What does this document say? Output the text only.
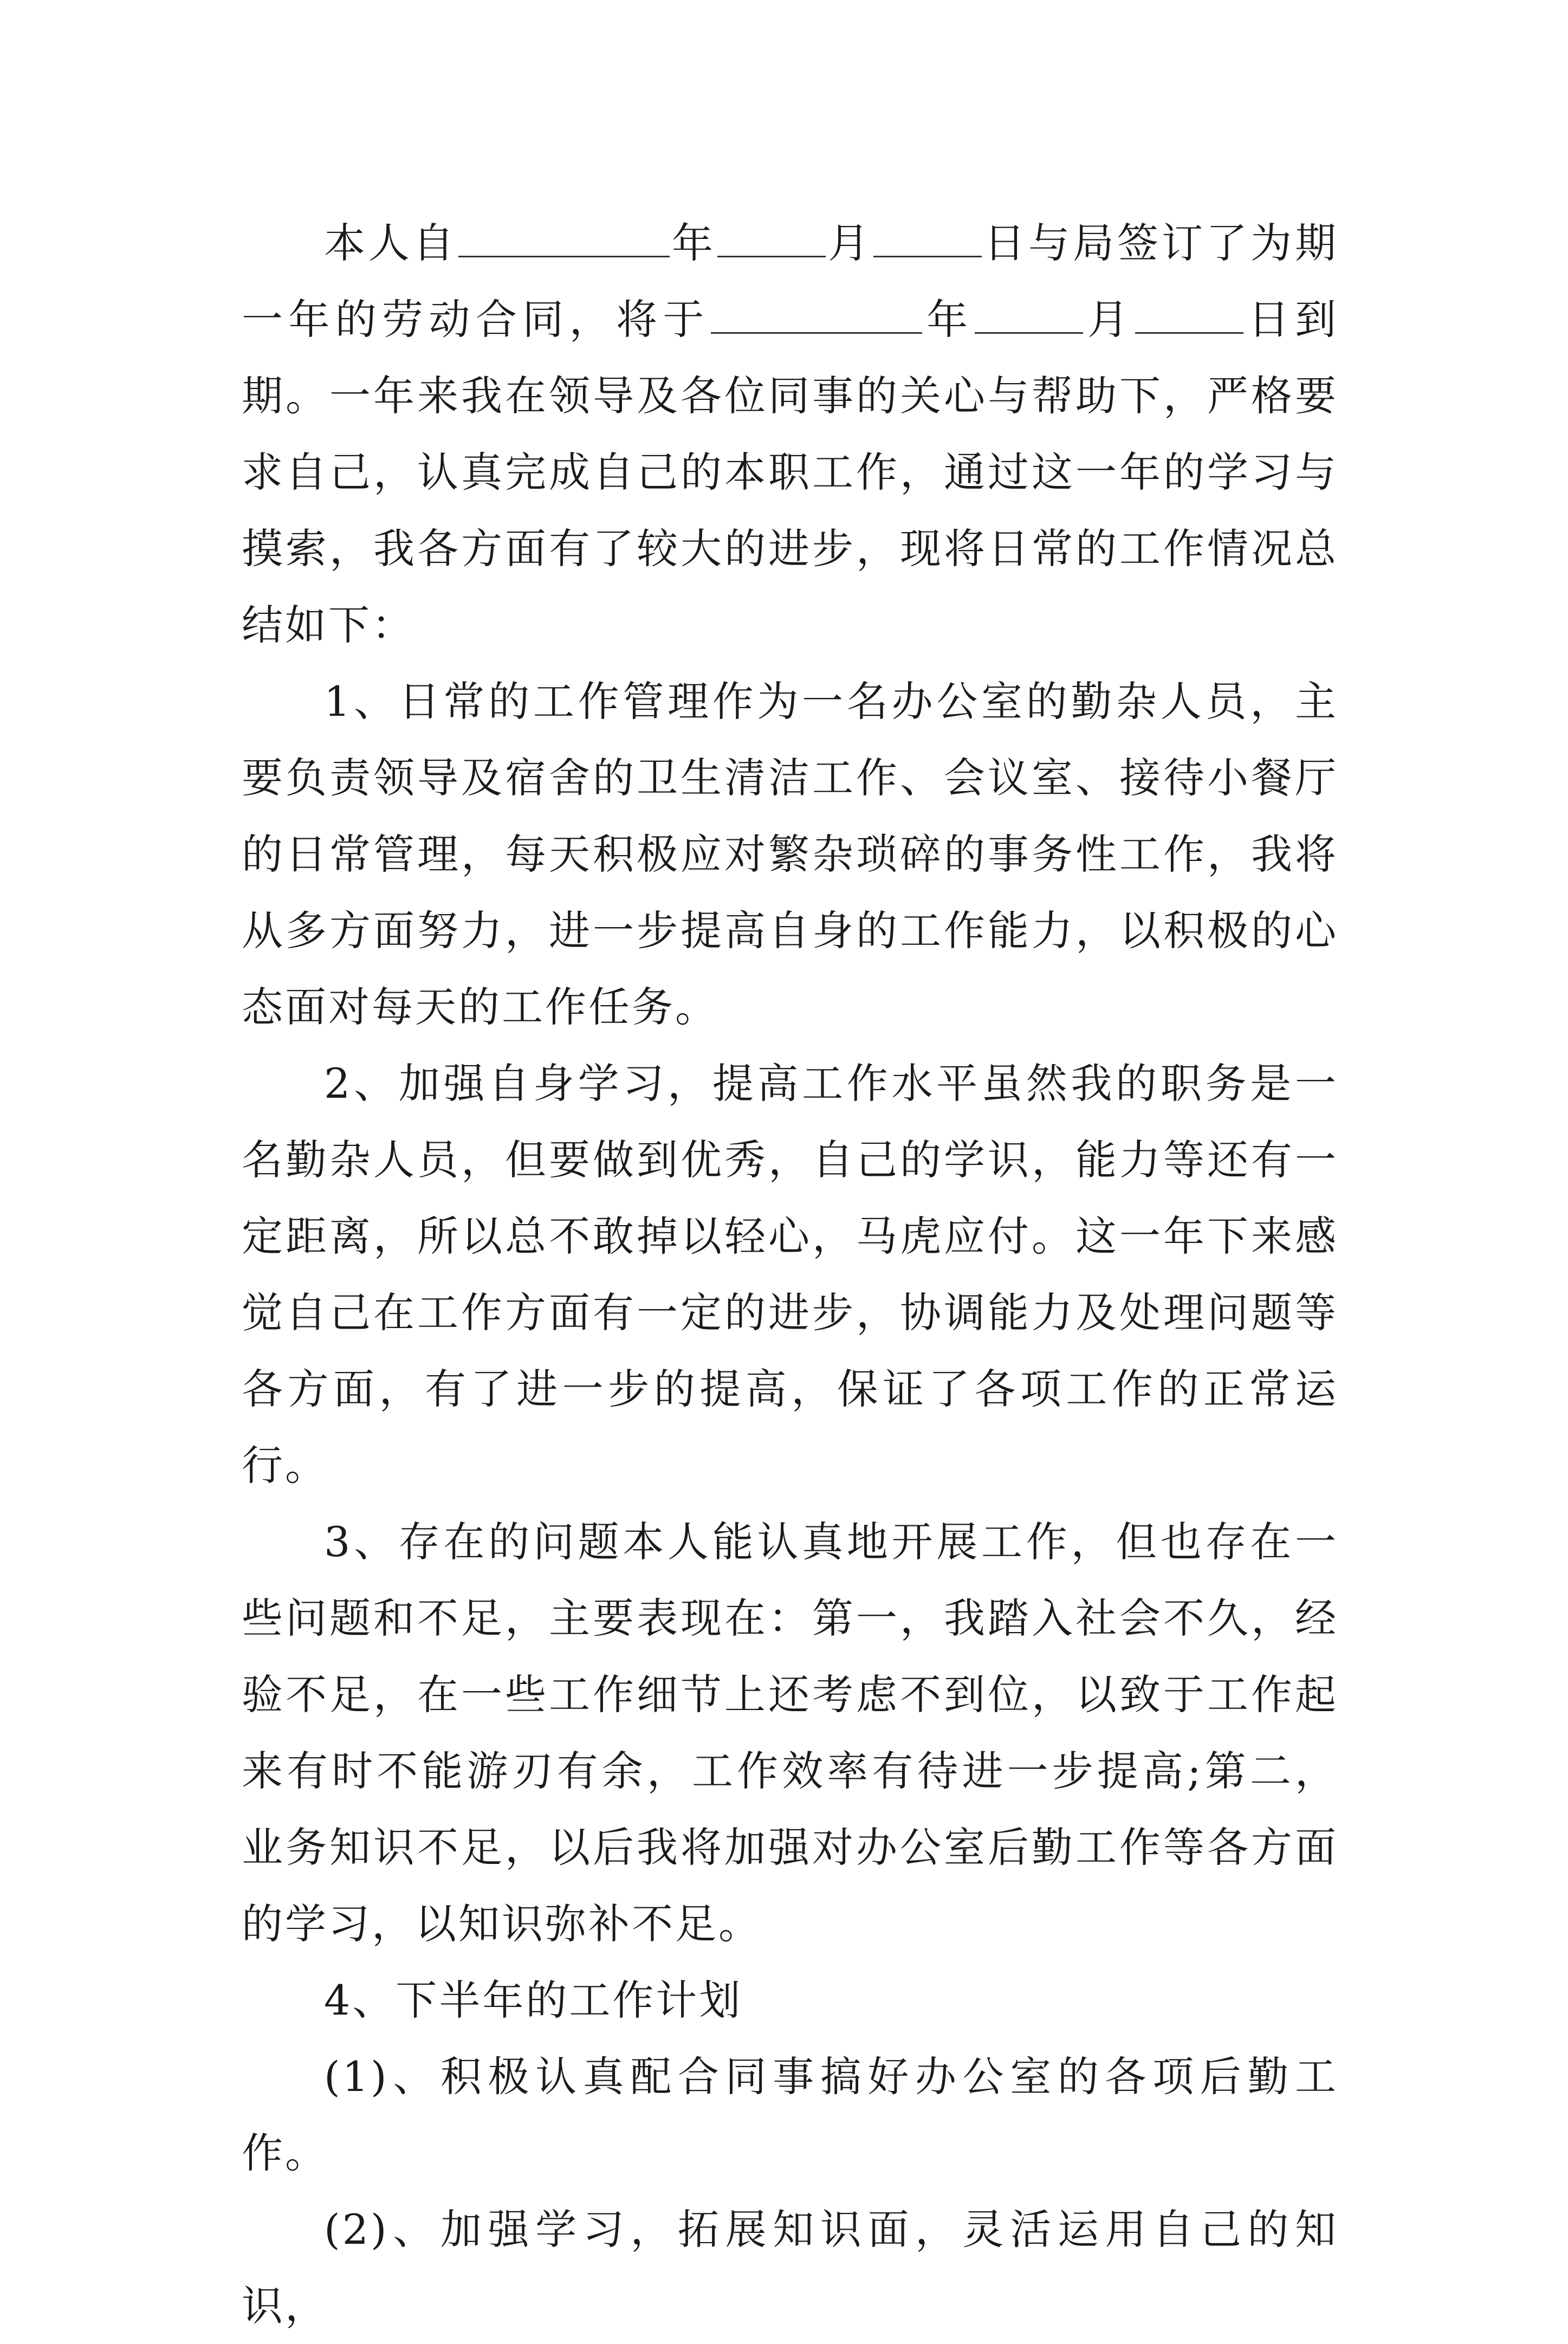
本人自	年	月	日与局签订了为期一年的劳动合同，将于	年	月	日到期。一年来我在领导及各位同事的关心与帮助下，严格要求自己，认真完成自己的本职工作，通过这一年的学习与摸索，我各方面有了较大的进步，现将日常的工作情况总结如下：

1、日常的工作管理作为一名办公室的勤杂人员，主要负责领导及宿舍的卫生清洁工作、会议室、接待小餐厅的日常管理，每天积极应对繁杂琐碎的事务性工作，我将从多方面努力，进一步提高自身的工作能力，以积极的心态面对每天的工作任务。

2、加强自身学习，提高工作水平虽然我的职务是一名勤杂人员，但要做到优秀，自己的学识，能力等还有一定距离，所以总不敢掉以轻心，马虎应付。这一年下来感觉自己在工作方面有一定的进步，协调能力及处理问题等各方面，有了进一步的提高，保证了各项工作的正常运行。

3、存在的问题本人能认真地开展工作，但也存在一些问题和不足，主要表现在：第一，我踏入社会不久，经验不足，在一些工作细节上还考虑不到位，以致于工作起来有时不能游刃有余，工作效率有待进一步提高;第二，业务知识不足，以后我将加强对办公室后勤工作等各方面的学习，以知识弥补不足。

4、下半年的工作计划

(1)、积极认真配合同事搞好办公室的各项后勤工作。

(2)、加强学习，拓展知识面，灵活运用自己的知识，
